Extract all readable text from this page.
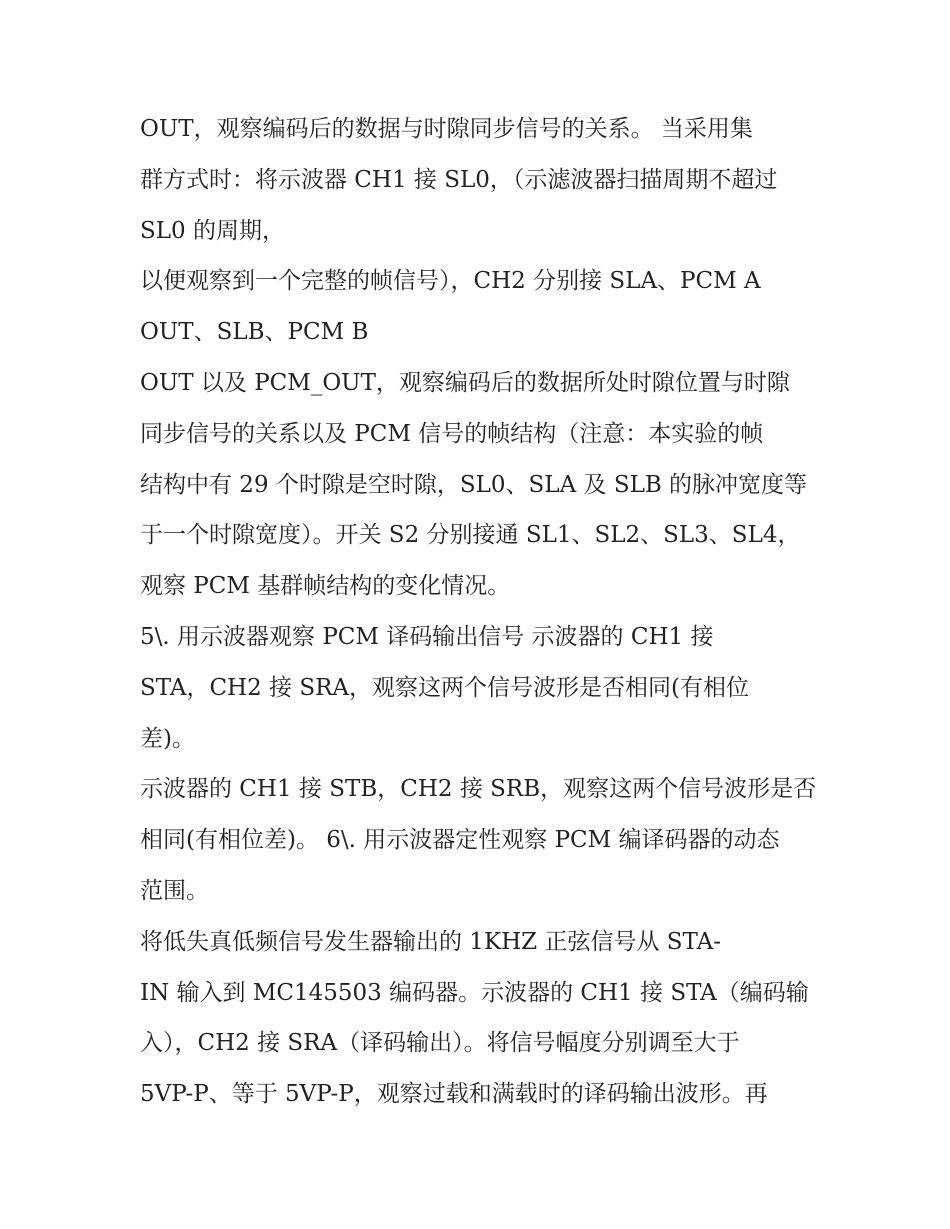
OUT，观察编码后的数据与时隙同步信号的关系。 当采用集
群方式时：将示波器 CH1 接 SL0，（示滤波器扫描周期不超过
SL0 的周期，
以便观察到一个完整的帧信号），CH2 分别接 SLA、PCM A
OUT、SLB、PCM B
OUT 以及 PCM_OUT，观察编码后的数据所处时隙位置与时隙
同步信号的关系以及 PCM 信号的帧结构（注意：本实验的帧
结构中有 29 个时隙是空时隙，SL0、SLA 及 SLB 的脉冲宽度等
于一个时隙宽度）。开关 S2 分别接通 SL1、SL2、SL3、SL4，
观察 PCM 基群帧结构的变化情况。
5\. 用示波器观察 PCM 译码输出信号 示波器的 CH1 接
STA，CH2 接 SRA，观察这两个信号波形是否相同(有相位
差)。
示波器的 CH1 接 STB，CH2 接 SRB，观察这两个信号波形是否
相同(有相位差)。 6\. 用示波器定性观察 PCM 编译码器的动态
范围。
将低失真低频信号发生器输出的 1KHZ 正弦信号从 STA-
IN 输入到 MC145503 编码器。示波器的 CH1 接 STA（编码输
入），CH2 接 SRA（译码输出）。将信号幅度分别调至大于
5VP-P、等于 5VP-P，观察过载和满载时的译码输出波形。再
